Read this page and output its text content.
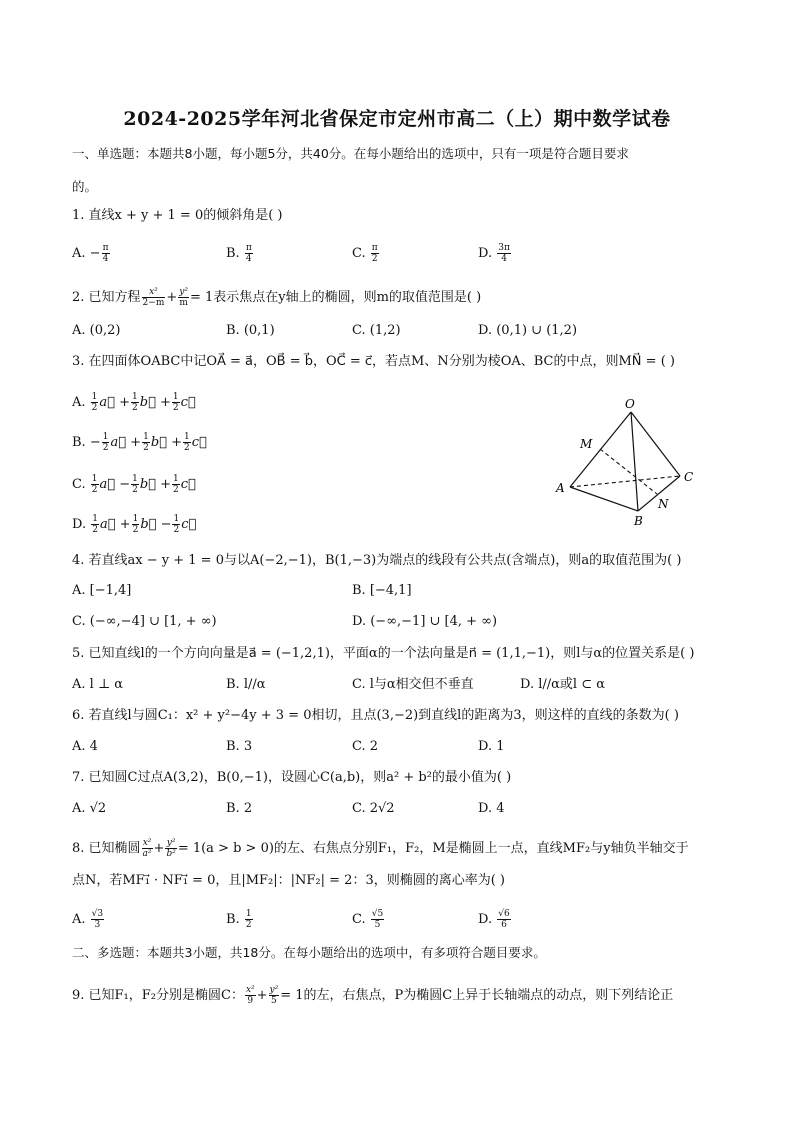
2024-2025学年河北省保定市定州市高二（上）期中数学试卷
一、单选题：本题共8小题，每小题5分，共40分。在每小题给出的选项中，只有一项是符合题目要求
的。
1. 直线x + y + 1 = 0的倾斜角是( )
A. − $\frac{\pi}{4}$	B. $\frac{\pi}{4}$	C. $\frac{\pi}{2}$	D. $\frac{3\pi}{4}$
2. 已知方程 $\frac{\text{x²}}{2-m} + \frac{\text{y²}}{m} = 1$表示焦点在y轴上的椭圆，则m的取值范围是( )
A. (0,2)	B. (0,1)	C. (1,2)	D. (0,1) ∪ (1,2)
3. 在四面体OABC中记OA⃗ = a⃗，OB⃗ = b⃗，OC⃗ = c⃗，若点M、N分别为棱OA、BC的中点，则MN⃗ = ( )
A. $\frac{1}{2}$ a⃗ + $\frac{1}{2}$ b⃗ + $\frac{1}{2}$ c⃗
B. − $\frac{1}{2}$ a⃗ + $\frac{1}{2}$ b⃗ + $\frac{1}{2}$ c⃗
C. $\frac{1}{2}$ a⃗ − $\frac{1}{2}$ b⃗ + $\frac{1}{2}$ c⃗
D. $\frac{1}{2}$ a⃗ + $\frac{1}{2}$ b⃗ − $\frac{1}{2}$ c⃗
O
M
A
C
N
B
4. 若直线ax − y + 1 = 0与以A(−2,−1)，B(1,−3)为端点的线段有公共点(含端点)，则a的取值范围为( )
A. [−1,4]	B. [−4,1]
C. (−∞,−4] ∪ [1, + ∞)	D. (−∞,−1] ∪ [4, + ∞)
5. 已知直线l的一个方向向量是a⃗ = (−1,2,1)，平面α的一个法向量是n⃗ = (1,1,−1)，则l与α的位置关系是( )
A. l ⊥ α	B. l//α	C. l与α相交但不垂直	D. l//α或l ⊂ α
6. 若直线l与圆C₁：x² + y²−4y + 3 = 0相切，且点(3,−2)到直线l的距离为3，则这样的直线的条数为( )
A. 4	B. 3	C. 2	D. 1
7. 已知圆C过点A(3,2)，B(0,−1)，设圆心C(a,b)，则a² + b²的最小值为( )
A. √2	B. 2	C. 2√2	D. 4
8. 已知椭圆 $\frac{\text{x²}}{\text{a²}} + \frac{\text{y²}}{\text{b²}} = 1(a > b > 0)$的左、右焦点分别F₁，F₂，M是椭圆上一点，直线MF₂与y轴负半轴交于
点N，若MF₁⃗ · NF₁⃗ = 0，且|MF₂|：|NF₂| = 2：3，则椭圆的离心率为( )
A. $\frac{√3}{3}$	B. $\frac{1}{2}$	C. $\frac{√5}{5}$	D. $\frac{√6}{6}$
二、多选题：本题共3小题，共18分。在每小题给出的选项中，有多项符合题目要求。
9. 已知F₁，F₂分别是椭圆C： $\frac{\text{x²}}{9} + \frac{\text{y²}}{5} = 1$的左，右焦点，P为椭圆C上异于长轴端点的动点，则下列结论正
